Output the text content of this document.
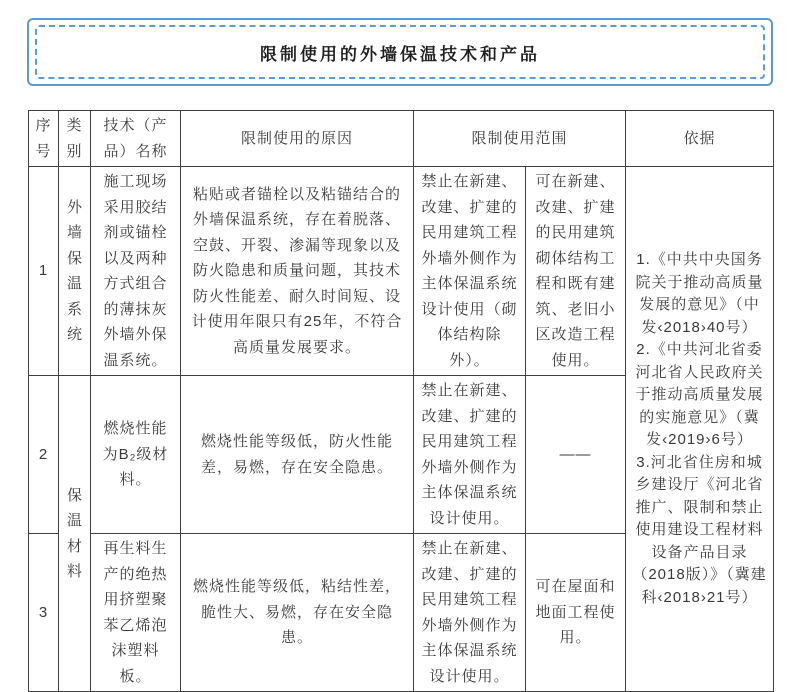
限制使用的外墙保温技术和产品
序号	类别	技术（产品）名称	限制使用的原因	限制使用范围		依据
1	外墙保温系统	施工现场采用胶结剂或锚栓以及两种方式组合的薄抹灰外墙外保温系统。	粘贴或者锚栓以及粘锚结合的外墙保温系统，存在着脱落、空鼓、开裂、渗漏等现象以及防火隐患和质量问题，其技术防火性能差、耐久时间短、设计使用年限只有25年，不符合高质量发展要求。	禁止在新建、改建、扩建的民用建筑工程外墙外侧作为主体保温系统设计使用（砌体结构除外）。	可在新建、改建、扩建的民用建筑砌体结构工程和既有建筑、老旧小区改造工程使用。	1.《中共中央国务院关于推动高质量发展的意见》（中发‹2018›40号）
2.《中共河北省委河北省人民政府关于推动高质量发展的实施意见》（冀发‹2019›6号）
3.河北省住房和城乡建设厅《河北省推广、限制和禁止使用建设工程材料设备产品目录（2018版）》（冀建科‹2018›21号）

2	保温材料	燃烧性能为B₂级材料。	燃烧性能等级低，防火性能差，易燃，存在安全隐患。	禁止在新建、改建、扩建的民用建筑工程外墙外侧作为主体保温系统设计使用。	——	
3		再生料生产的绝热用挤塑聚苯乙烯泡沫塑料板。	燃烧性能等级低，粘结性差，脆性大、易燃，存在安全隐患。	禁止在新建、改建、扩建的民用建筑工程外墙外侧作为主体保温系统设计使用。	可在屋面和地面工程使用。	
